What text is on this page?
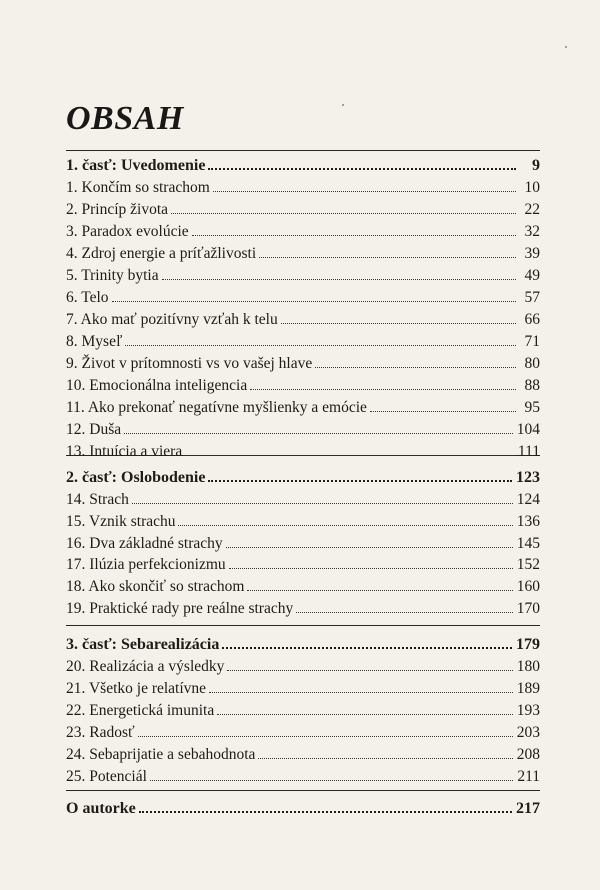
OBSAH
1. časť: Uvedomenie	9
1. Končím so strachom	10
2. Princíp života	22
3. Paradox evolúcie	32
4. Zdroj energie a príťažlivosti	39
5. Trinity bytia	49
6. Telo	57
7. Ako mať pozitívny vzťah k telu	66
8. Myseľ	71
9. Život v prítomnosti vs vo vašej hlave	80
10. Emocionálna inteligencia	88
11. Ako prekonať negatívne myšlienky a emócie	95
12. Duša	104
13. Intuícia a viera	111
2. časť: Oslobodenie	123
14. Strach	124
15. Vznik strachu	136
16. Dva základné strachy	145
17. Ilúzia perfekcionizmu	152
18. Ako skončiť so strachom	160
19. Praktické rady pre reálne strachy	170
3. časť: Sebarealizácia	179
20. Realizácia a výsledky	180
21. Všetko je relatívne	189
22. Energetická imunita	193
23. Radosť	203
24. Sebaprijatie a sebahodnota	208
25. Potenciál	211
O autorke	217
